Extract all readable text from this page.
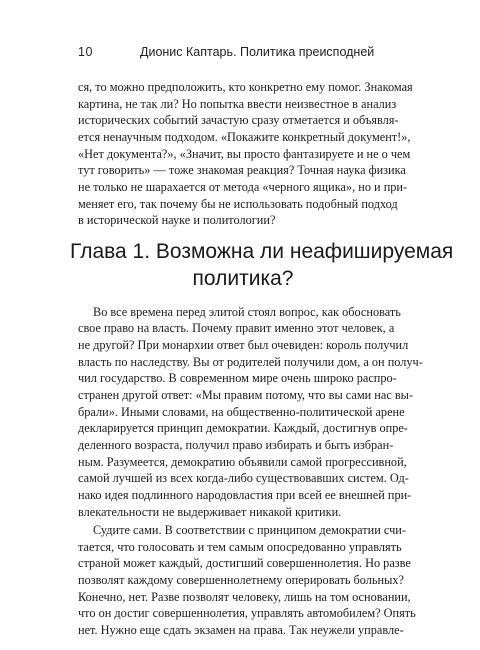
10	Дионис Каптарь. Политика преисподней
ся, то можно предположить, кто конкретно ему помог. Знакомая
картина, не так ли? Но попытка ввести неизвестное в анализ
исторических событий зачастую сразу отметается и объявля-
ется ненаучным подходом. «Покажите конкретный документ!»,
«Нет документа?», «Значит, вы просто фантазируете и не о чем
тут говорить» — тоже знакомая реакция? Точная наука физика
не только не шарахается от метода «черного ящика», но и при-
меняет его, так почему бы не использовать подобный подход
в исторической науке и политологии?
Глава 1. Возможна ли неафишируемая
политика?
Во все времена перед элитой стоял вопрос, как обосновать
свое право на власть. Почему правит именно этот человек, а
не другой? При монархии ответ был очевиден: король получил
власть по наследству. Вы от родителей получили дом, а он получ-
чил государство. В современном мире очень широко распро-
странен другой ответ: «Мы правим потому, что вы сами нас вы-
брали». Иными словами, на общественно-политической арене
декларируется принцип демократии. Каждый, достигнув опре-
деленного возраста, получил право избирать и быть избран-
ным. Разумеется, демократию объявили самой прогрессивной,
самой лучшей из всех когда-либо существовавших систем. Од-
нако идея подлинного народовластия при всей ее внешней при-
влекательности не выдерживает никакой критики.
Судите сами. В соответствии с принципом демократии счи-
тается, что голосовать и тем самым опосредованно управлять
страной может каждый, достигший совершеннолетия. Но разве
позволят каждому совершеннолетнему оперировать больных?
Конечно, нет. Разве позволят человеку, лишь на том основании,
что он достиг совершеннолетия, управлять автомобилем? Опять
нет. Нужно еще сдать экзамен на права. Так неужели управле-
